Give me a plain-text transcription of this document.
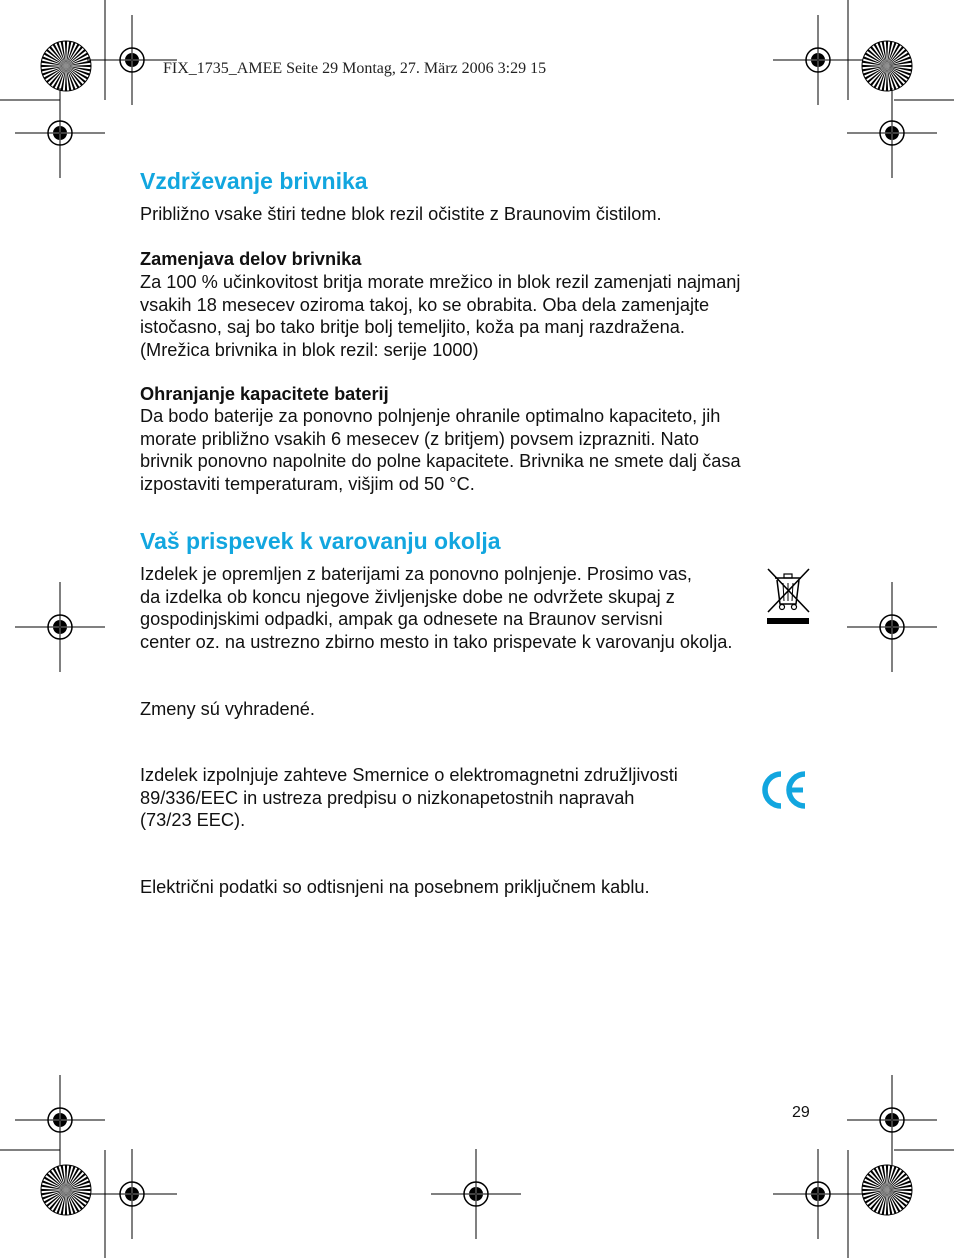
FIX_1735_AMEE Seite 29 Montag, 27. März 2006 3:29 15
Vzdrževanje brivnika

Približno vsake štiri tedne blok rezil očistite z Braunovim čistilom.

Zamenjava delov brivnika

Za 100 % učinkovitost britja morate mrežico in blok rezil zamenjati najmanj

vsakih 18 mesecev oziroma takoj, ko se obrabita. Oba dela zamenjajte

istočasno, saj bo tako britje bolj temeljito, koža pa manj razdražena.

(Mrežica brivnika in blok rezil: serije 1000)

Ohranjanje kapacitete baterij

Da bodo baterije za ponovno polnjenje ohranile optimalno kapaciteto, jih

morate približno vsakih 6 mesecev (z britjem) povsem izprazniti. Nato

brivnik ponovno napolnite do polne kapacitete. Brivnika ne smete dalj časa

izpostaviti temperaturam, višjim od 50 °C.

Vaš prispevek k varovanju okolja

Izdelek je opremljen z baterijami za ponovno polnjenje. Prosimo vas,

da izdelka ob koncu njegove življenjske dobe ne odvržete skupaj z

gospodinjskimi odpadki, ampak ga odnesete na Braunov servisni

center oz. na ustrezno zbirno mesto in tako prispevate k varovanju okolja.

Zmeny sú vyhradené.

Izdelek izpolnjuje zahteve Smernice o elektromagnetni združljivosti

89/336/EEC in ustreza predpisu o nizkonapetostnih napravah

(73/23 EEC).

Električni podatki so odtisnjeni na posebnem priključnem kablu.

29
